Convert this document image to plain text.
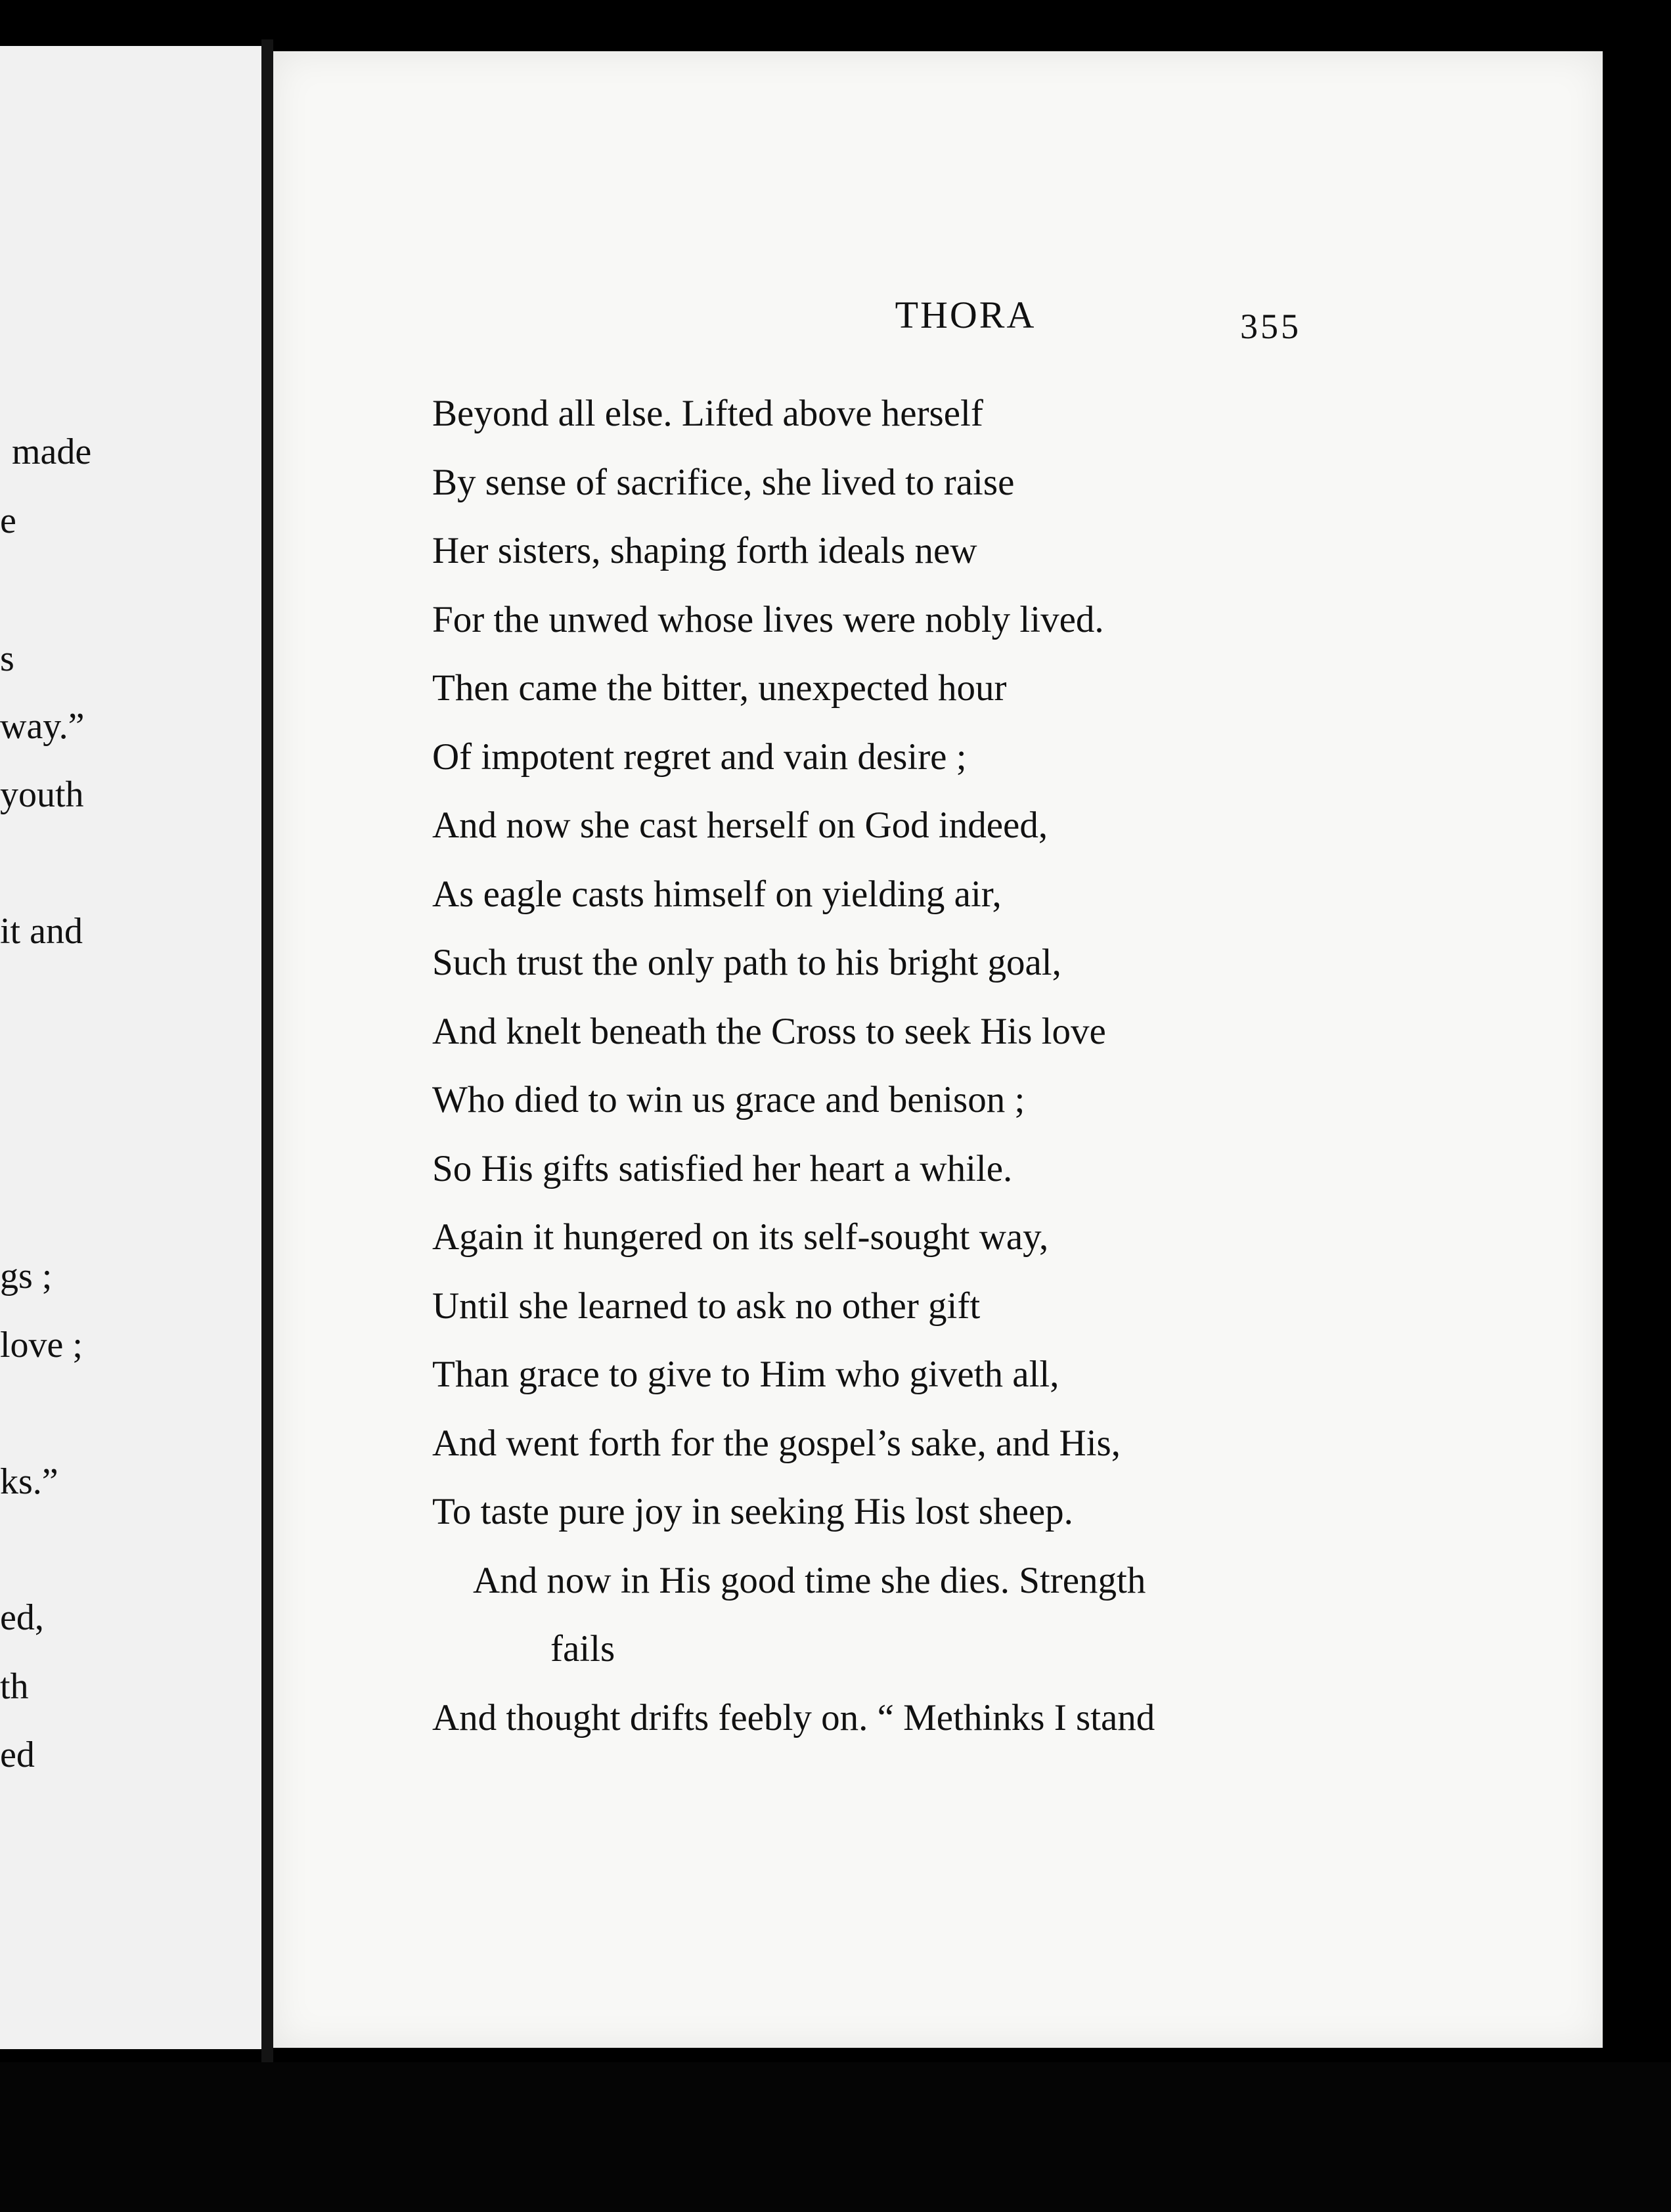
made
e
s
way.”
youth
it and
gs ;
love ;
ks.”
ed,
th
ed
THORA	355
Beyond all else. Lifted above herself
By sense of sacrifice, she lived to raise
Her sisters, shaping forth ideals new
For the unwed whose lives were nobly lived.
Then came the bitter, unexpected hour
Of impotent regret and vain desire ;
And now she cast herself on God indeed,
As eagle casts himself on yielding air,
Such trust the only path to his bright goal,
And knelt beneath the Cross to seek His love
Who died to win us grace and benison ;
So His gifts satisfied her heart a while.
Again it hungered on its self-sought way,
Until she learned to ask no other gift
Than grace to give to Him who giveth all,
And went forth for the gospel’s sake, and His,
To taste pure joy in seeking His lost sheep.
And now in His good time she dies. Strength
fails
And thought drifts feebly on. “ Methinks I stand
